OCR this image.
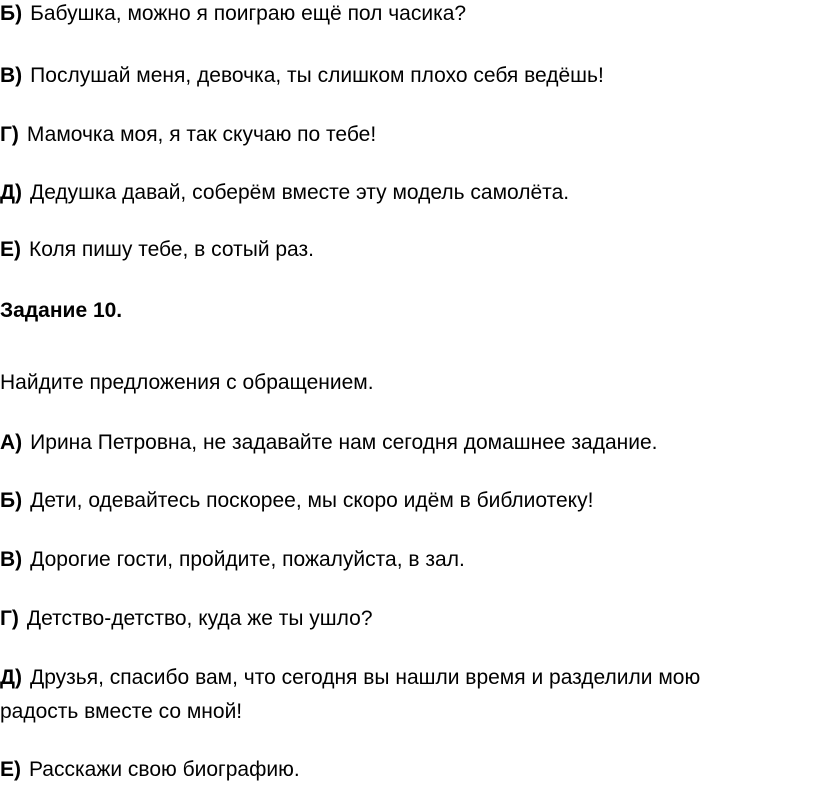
Б) Бабушка, можно я поиграю ещё пол часика?
В) Послушай меня, девочка, ты слишком плохо себя ведёшь!
Г) Мамочка моя, я так скучаю по тебе!
Д) Дедушка давай, соберём вместе эту модель самолёта.
Е) Коля пишу тебе, в сотый раз.
Задание 10.
Найдите предложения с обращением.
А) Ирина Петровна, не задавайте нам сегодня домашнее задание.
Б) Дети, одевайтесь поскорее, мы скоро идём в библиотеку!
В) Дорогие гости, пройдите, пожалуйста, в зал.
Г) Детство-детство, куда же ты ушло?
Д) Друзья, спасибо вам, что сегодня вы нашли время и разделили мою
радость вместе со мной!
Е) Расскажи свою биографию.
